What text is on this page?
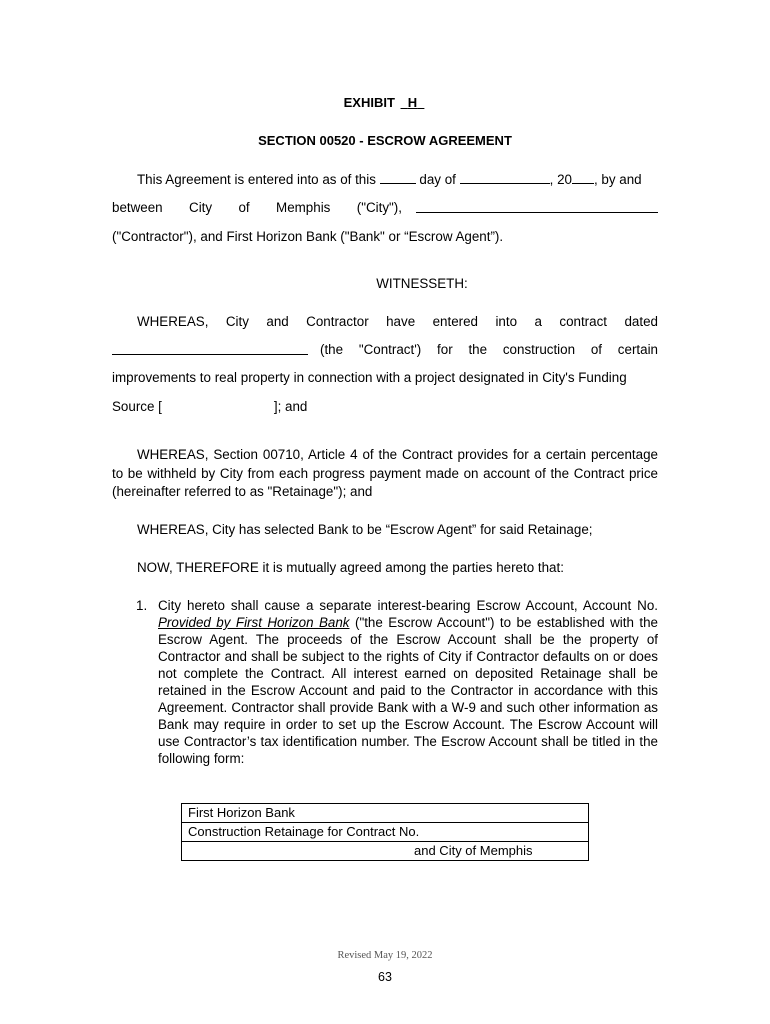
EXHIBIT H
SECTION 00520 - ESCROW AGREEMENT
This Agreement is entered into as of this	day of	, 20 , by and
between City of Memphis ("City"),
("Contractor"), and First Horizon Bank ("Bank" or “Escrow Agent”).
WITNESSETH:
WHEREAS, City and Contractor have entered into a contract dated
(the "Contract') for the construction of certain
improvements to real property in connection with a project designated in City's Funding
Source [	]; and
WHEREAS, Section 00710, Article 4 of the Contract provides for a certain percentage to be withheld by City from each progress payment made on account of the Contract price (hereinafter referred to as "Retainage"); and
WHEREAS, City has selected Bank to be “Escrow Agent” for said Retainage;
NOW, THEREFORE it is mutually agreed among the parties hereto that:
1. City hereto shall cause a separate interest-bearing Escrow Account, Account No. Provided by First Horizon Bank ("the Escrow Account") to be established with the Escrow Agent. The proceeds of the Escrow Account shall be the property of Contractor and shall be subject to the rights of City if Contractor defaults on or does not complete the Contract. All interest earned on deposited Retainage shall be retained in the Escrow Account and paid to the Contractor in accordance with this Agreement. Contractor shall provide Bank with a W-9 and such other information as Bank may require in order to set up the Escrow Account. The Escrow Account will use Contractor’s tax identification number. The Escrow Account shall be titled in the following form:
First Horizon Bank
Construction Retainage for Contract No.
and City of Memphis
Revised May 19, 2022
63
